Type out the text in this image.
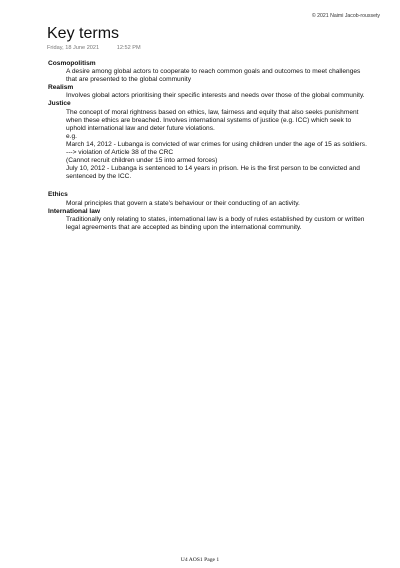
© 2021 Naimi Jacob-roussety
Key terms
Friday, 18 June 2021	12:52 PM
Cosmopolitism
A desire among global actors to cooperate to reach common goals and outcomes to meet challenges that are presented to the global community
Realism
Involves global actors prioritising their specific interests and needs over those of the global community.
Justice
The concept of moral rightness based on ethics, law, fairness and equity that also seeks punishment when these ethics are breached. Involves international systems of justice (e.g. ICC) which seek to uphold international law and deter future violations.
e.g.
March 14, 2012 - Lubanga is convicted of war crimes for using children under the age of 15 as soldiers.
---> violation of Article 38 of the CRC
(Cannot recruit children under 15 into armed forces)
July 10, 2012 - Lubanga is sentenced to 14 years in prison. He is the first person to be convicted and sentenced by the ICC.
Ethics
Moral principles that govern a state's behaviour or their conducting of an activity.
International law
Traditionally only relating to states, international law is a body of rules established by custom or written legal agreements that are accepted as binding upon the international community.
U4 AOS1 Page 1
